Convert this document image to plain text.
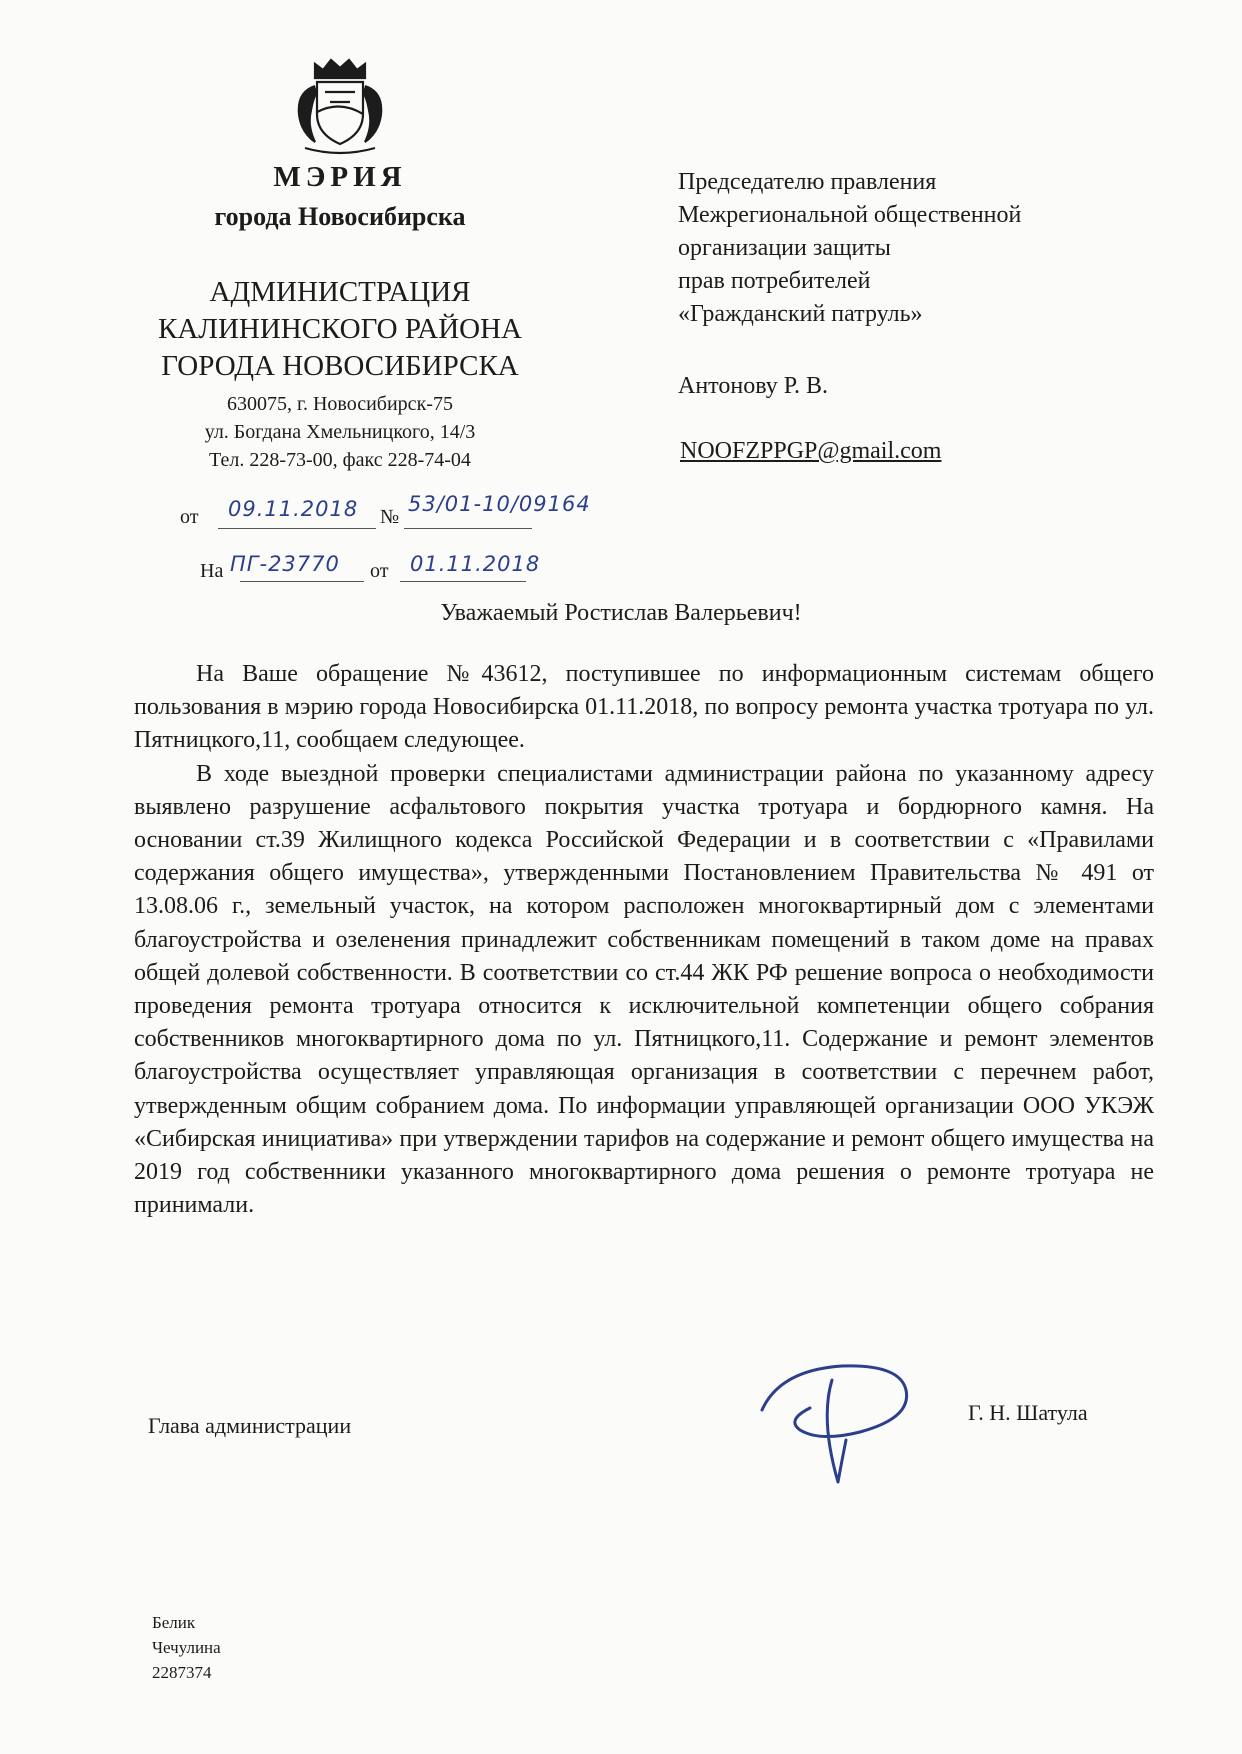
МЭРИЯ
города Новосибирска
АДМИНИСТРАЦИЯ
КАЛИНИНСКОГО РАЙОНА
ГОРОДА НОВОСИБИРСКА
630075, г. Новосибирск-75
ул. Богдана Хмельницкого, 14/3
Тел. 228-73-00, факс 228-74-04
от 09.11.2018 №
53/01-10/09164
На ПГ-23770 от 01.11.2018
Председателю правления
Межрегиональной общественной
организации защиты
прав потребителей
«Гражданский патруль»
Антонову Р. В.
NOOFZPPGP@gmail.com
Уважаемый Ростислав Валерьевич!

На Ваше обращение №43612, поступившее по информационным системам общего пользования в мэрию города Новосибирска 01.11.2018, по вопросу ремонта участка тротуара по ул. Пятницкого,11, сообщаем следующее.

В ходе выездной проверки специалистами администрации района по указанному адресу выявлено разрушение асфальтового покрытия участка тротуара и бордюрного камня. На основании ст.39 Жилищного кодекса Российской Федерации и в соответствии с «Правилами содержания общего имущества», утвержденными Постановлением Правительства № 491 от 13.08.06 г., земельный участок, на котором расположен многоквартирный дом с элементами благоустройства и озеленения принадлежит собственникам помещений в таком доме на правах общей долевой собственности. В соответствии со ст.44 ЖК РФ решение вопроса о необходимости проведения ремонта тротуара относится к исключительной компетенции общего собрания собственников многоквартирного дома по ул. Пятницкого,11. Содержание и ремонт элементов благоустройства осуществляет управляющая организация в соответствии с перечнем работ, утвержденным общим собранием дома. По информации управляющей организации ООО УКЭЖ «Сибирская инициатива» при утверждении тарифов на содержание и ремонт общего имущества на 2019 год собственники указанного многоквартирного дома решения о ремонте тротуара не принимали.

Глава администрации
Г. Н. Шатула
Белик
Чечулина
2287374
